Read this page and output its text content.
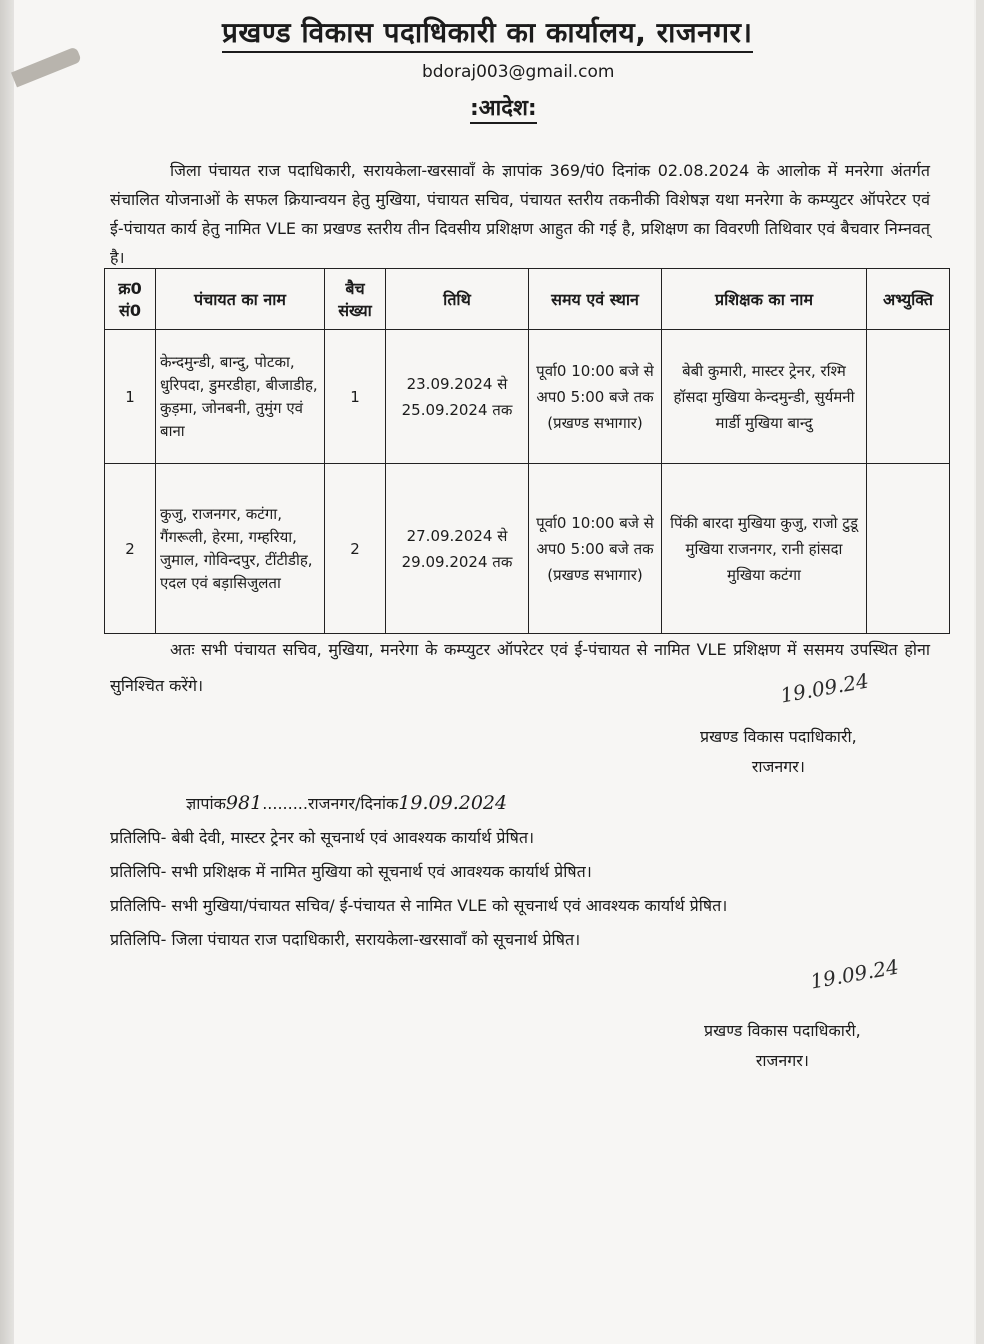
प्रखण्ड विकास पदाधिकारी का कार्यालय, राजनगर।
bdoraj003@gmail.com
:आदेश:
जिला पंचायत राज पदाधिकारी, सरायकेला-खरसावाँ के ज्ञापांक 369/पं0 दिनांक 02.08.2024 के आलोक में मनरेगा अंतर्गत संचालित योजनाओं के सफल क्रियान्वयन हेतु मुखिया, पंचायत सचिव, पंचायत स्तरीय तकनीकी विशेषज्ञ यथा मनरेगा के कम्प्युटर ऑपरेटर एवं ई-पंचायत कार्य हेतु नामित VLE का प्रखण्ड स्तरीय तीन दिवसीय प्रशिक्षण आहुत की गई है, प्रशिक्षण का विवरणी तिथिवार एवं बैचवार निम्नवत् है।
क्र0 सं0	पंचायत का नाम	बैच संख्या	तिथि	समय एवं स्थान	प्रशिक्षक का नाम	अभ्युक्ति
1	केन्दमुन्डी, बान्दु, पोटका, धुरिपदा, डुमरडीहा, बीजाडीह, कुड़मा, जोनबनी, तुमुंग एवं बाना	1	23.09.2024 से 25.09.2024 तक	पूर्वा0 10:00 बजे से अप0 5:00 बजे तक (प्रखण्ड सभागार)	बेबी कुमारी, मास्टर ट्रेनर, रश्मि हॉसदा मुखिया केन्दमुन्डी, सुर्यमनी मार्डी मुखिया बान्दु	
2	कुजु, राजनगर, कटंगा, गैंगरूली, हेरमा, गम्हरिया, जुमाल, गोविन्दपुर, टींटीडीह, एदल एवं बड़ासिजुलता	2	27.09.2024 से 29.09.2024 तक	पूर्वा0 10:00 बजे से अप0 5:00 बजे तक (प्रखण्ड सभागार)	पिंकी बारदा मुखिया कुजु, राजो टुडू मुखिया राजनगर, रानी हांसदा मुखिया कटंगा	
अतः सभी पंचायत सचिव, मुखिया, मनरेगा के कम्प्युटर ऑपरेटर एवं ई-पंचायत से नामित VLE प्रशिक्षण में ससमय उपस्थित होना सुनिश्चित करेंगे।	19.09.24
प्रखण्ड विकास पदाधिकारी,
राजनगर।
ज्ञापांक981.........राजनगर/दिनांक19.09.2024
प्रतिलिपि- बेबी देवी, मास्टर ट्रेनर को सूचनार्थ एवं आवश्यक कार्यार्थ प्रेषित।
प्रतिलिपि- सभी प्रशिक्षक में नामित मुखिया को सूचनार्थ एवं आवश्यक कार्यार्थ प्रेषित।
प्रतिलिपि- सभी मुखिया/पंचायत सचिव/ ई-पंचायत से नामित VLE को सूचनार्थ एवं आवश्यक कार्यार्थ प्रेषित।
प्रतिलिपि- जिला पंचायत राज पदाधिकारी, सरायकेला-खरसावाँ को सूचनार्थ प्रेषित।
19.09.24
प्रखण्ड विकास पदाधिकारी,
राजनगर।
